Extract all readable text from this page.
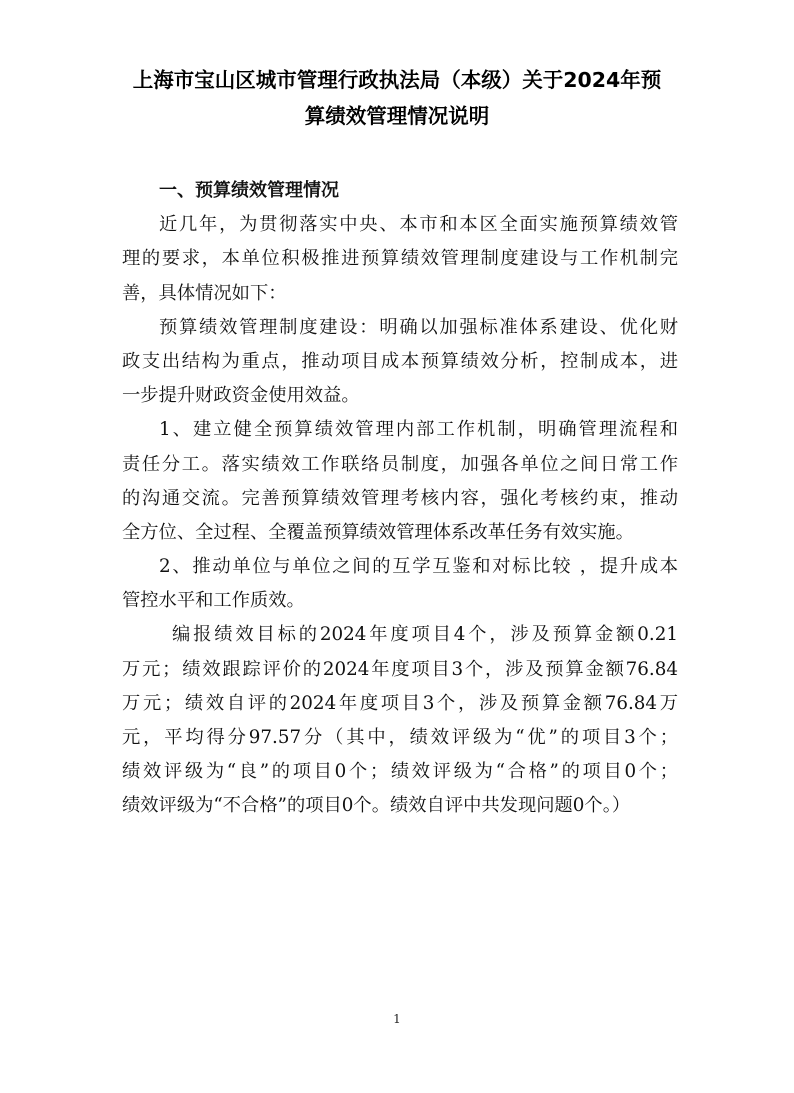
上海市宝山区城市管理行政执法局（本级）关于2024年预
算绩效管理情况说明
一、预算绩效管理情况
近几年，为贯彻落实中央、本市和本区全面实施预算绩效管
理的要求，本单位积极推进预算绩效管理制度建设与工作机制完
善，具体情况如下：
预算绩效管理制度建设：明确以加强标准体系建设、优化财
政支出结构为重点，推动项目成本预算绩效分析，控制成本，进
一步提升财政资金使用效益。
1、建立健全预算绩效管理内部工作机制，明确管理流程和
责任分工。落实绩效工作联络员制度，加强各单位之间日常工作
的沟通交流。完善预算绩效管理考核内容，强化考核约束，推动
全方位、全过程、全覆盖预算绩效管理体系改革任务有效实施。
2、推动单位与单位之间的互学互鉴和对标比较 ，提升成本
管控水平和工作质效。
编报绩效目标的2024年度项目4个，涉及预算金额0.21
万元；绩效跟踪评价的2024年度项目3个，涉及预算金额76.84
万元；绩效自评的2024年度项目3个，涉及预算金额76.84万
元，平均得分97.57分（其中，绩效评级为“优”的项目3个；
绩效评级为“良”的项目0个；绩效评级为“合格”的项目0个；
绩效评级为“不合格”的项目0个。绩效自评中共发现问题0个。）
1
